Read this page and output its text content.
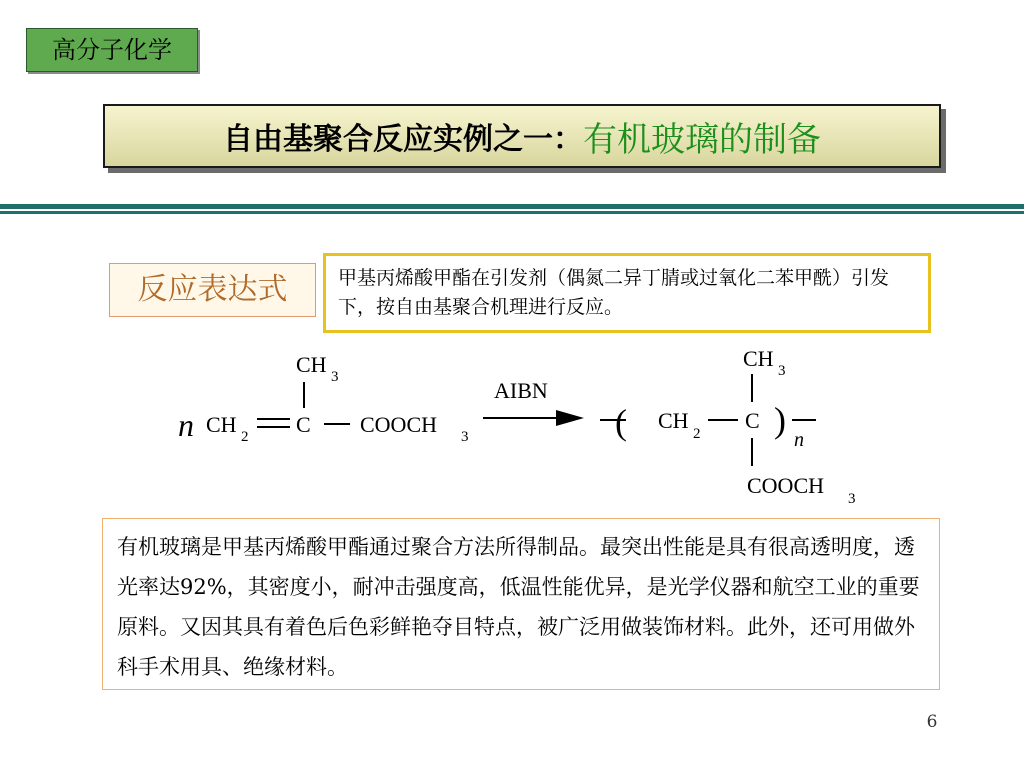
高分子化学
自由基聚合反应实例之一： 有机玻璃的制备
反应表达式	甲基丙烯酸甲酯在引发剂（偶氮二异丁腈或过氧化二苯甲酰）引发下，按自由基聚合机理进行反应。
n CH 2 C
CH 3
COOCH 3
AIBN
( CH
2
C
CH 3
COOCH
3
) n
有机玻璃是甲基丙烯酸甲酯通过聚合方法所得制品。最突出性能是具有很高透明度，透光率达92%，其密度小，耐冲击强度高，低温性能优异，是光学仪器和航空工业的重要原料。又因其具有着色后色彩鲜艳夺目特点，被广泛用做装饰材料。此外，还可用做外科手术用具、绝缘材料。
6
